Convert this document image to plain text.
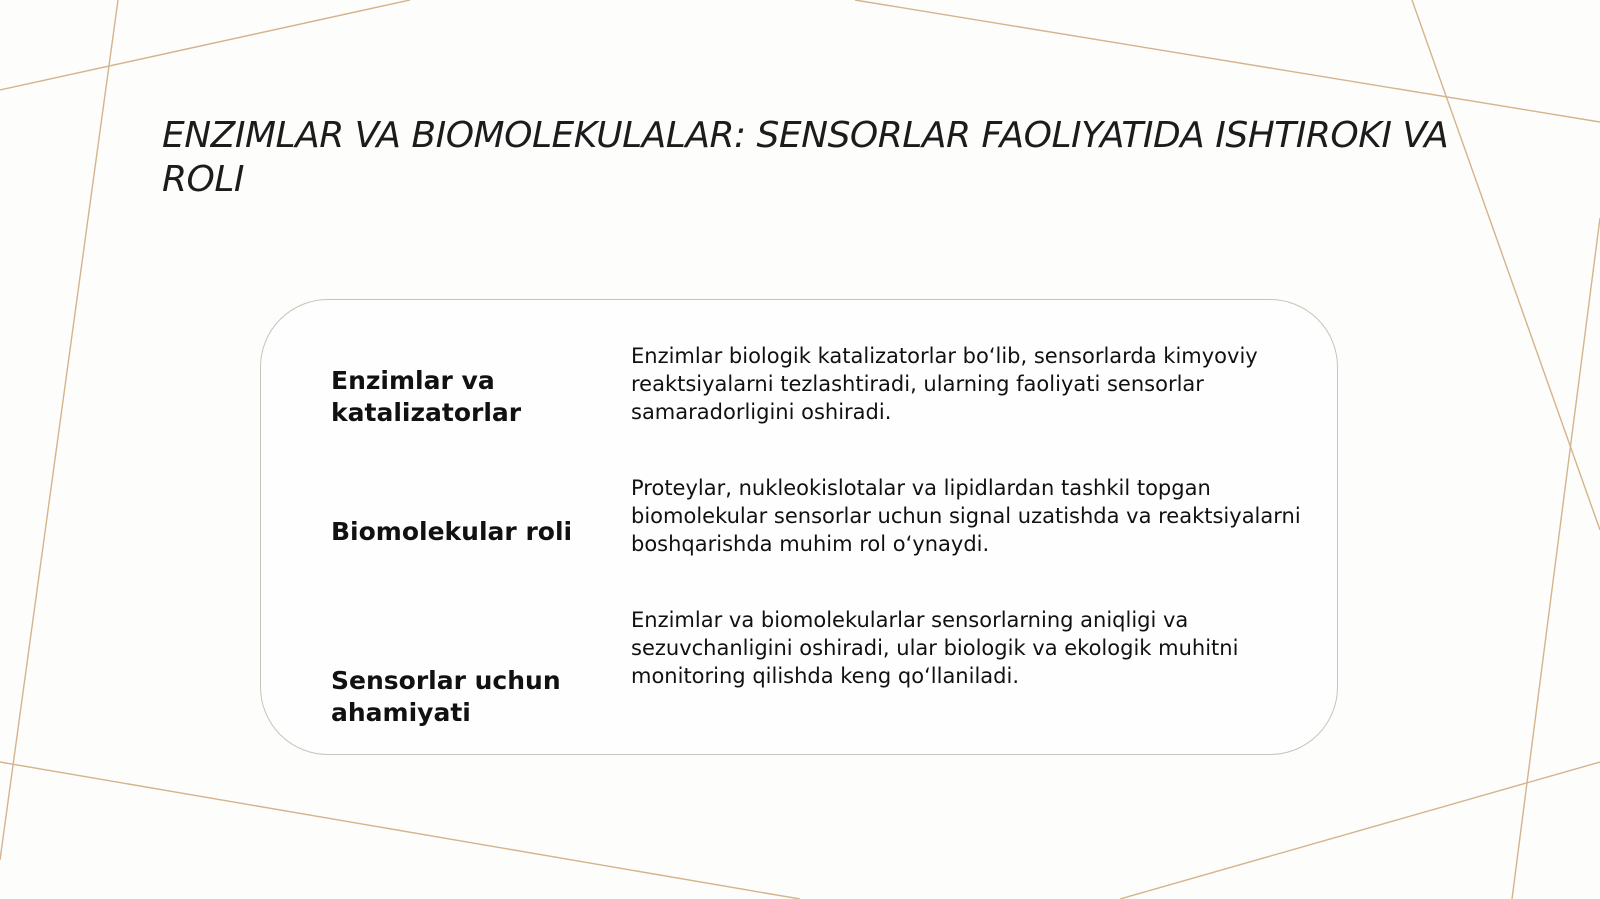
ENZIMLAR VA BIOMOLEKULALAR: SENSORLAR FAOLIYATIDA ISHTIROKI VA ROLI

Enzimlar va katalizatorlar

Enzimlar biologik katalizatorlar bo‘lib, sensorlarda kimyoviy reaktsiyalarni tezlashtiradi, ularning faoliyati sensorlar samaradorligini oshiradi.

Biomolekular roli

Proteylar, nukleokislotalar va lipidlardan tashkil topgan biomolekular sensorlar uchun signal uzatishda va reaktsiyalarni boshqarishda muhim rol o‘ynaydi.

Sensorlar uchun ahamiyati

Enzimlar va biomolekularlar sensorlarning aniqligi va sezuvchanligini oshiradi, ular biologik va ekologik muhitni monitoring qilishda keng qo‘llaniladi.
